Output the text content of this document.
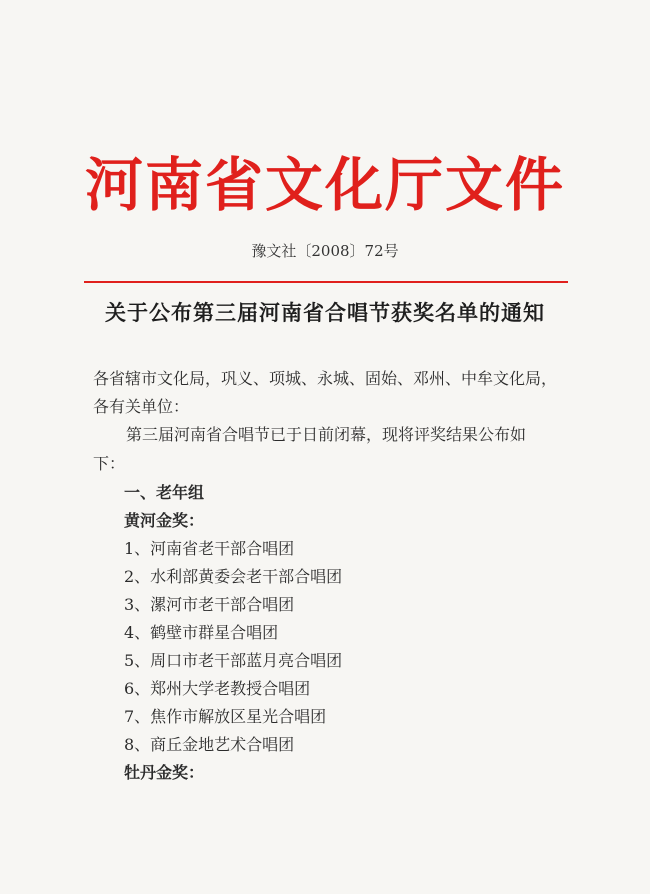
河南省文化厅文件
豫文社〔2008〕72号
关于公布第三届河南省合唱节获奖名单的通知
各省辖市文化局，巩义、项城、永城、固始、邓州、中牟文化局，
各有关单位：
第三届河南省合唱节已于日前闭幕，现将评奖结果公布如
下：
一、老年组
黄河金奖：
1、河南省老干部合唱团
2、水利部黄委会老干部合唱团
3、漯河市老干部合唱团
4、鹤壁市群星合唱团
5、周口市老干部蓝月亮合唱团
6、郑州大学老教授合唱团
7、焦作市解放区星光合唱团
8、商丘金地艺术合唱团
牡丹金奖：
